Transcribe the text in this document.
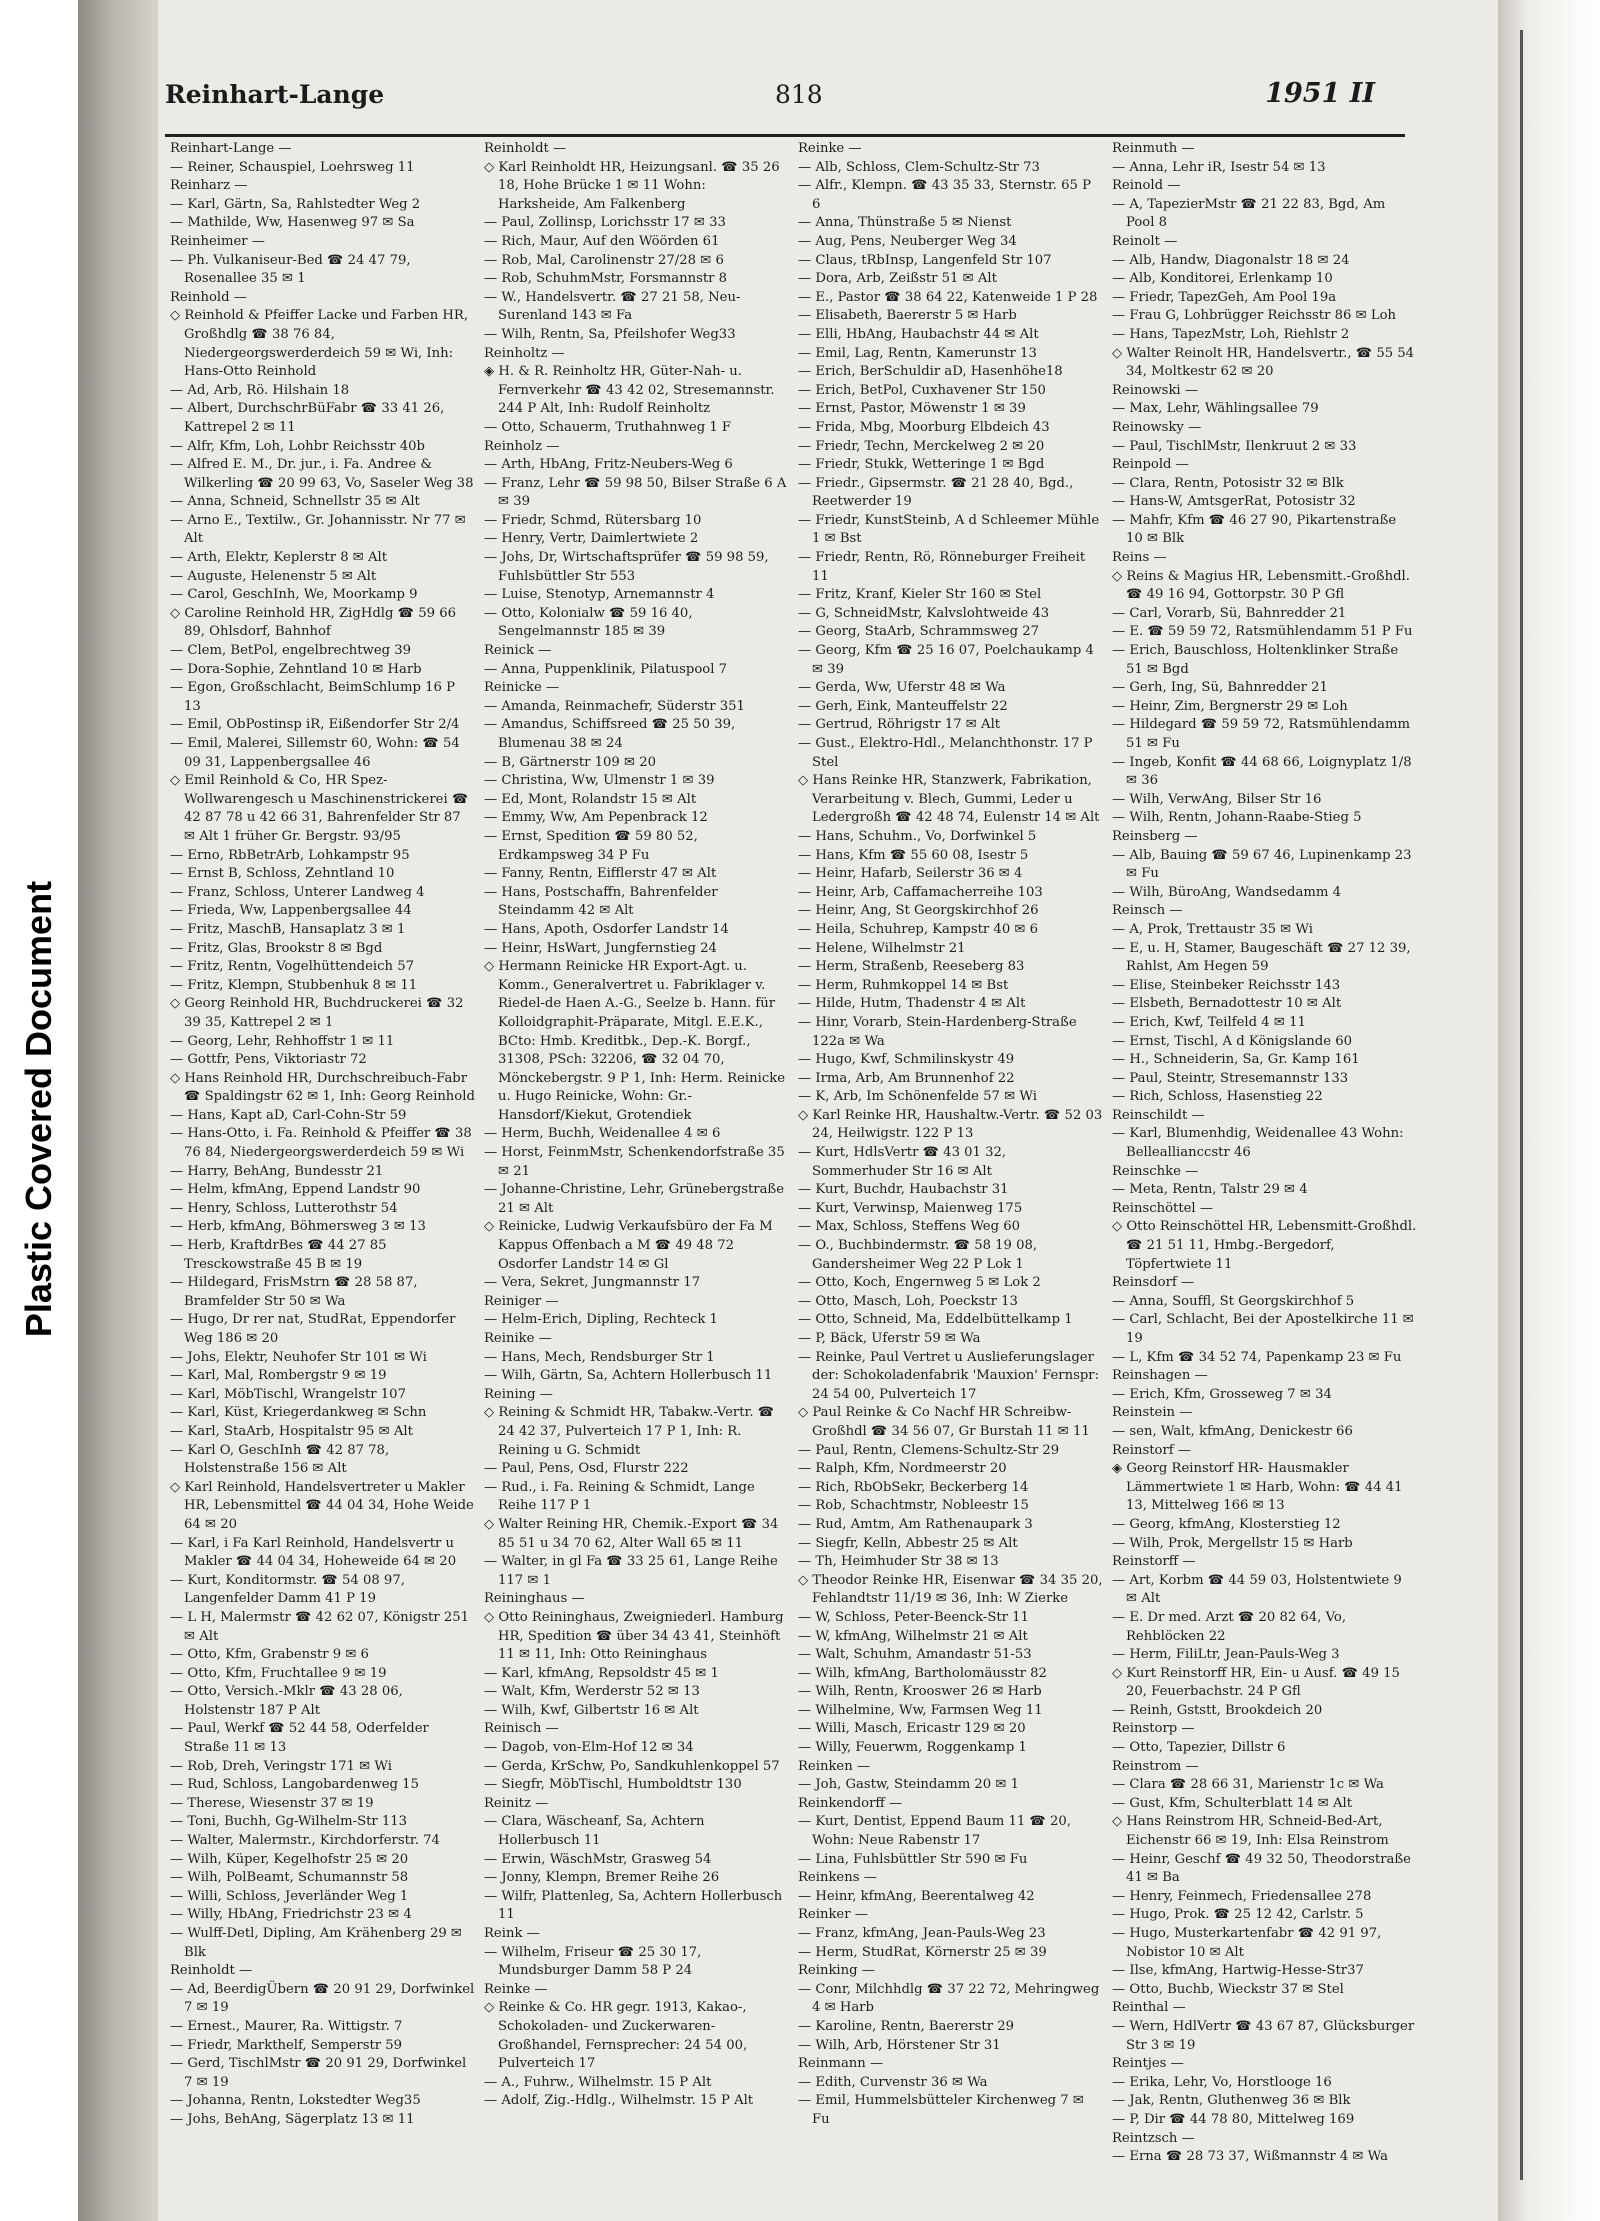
Plastic Covered Document
Reinhart-Lange	818	1951 II

Reinhart-Lange —

— Reiner, Schauspiel, Loehrsweg 11

Reinharz —

— Karl, Gärtn, Sa, Rahlstedter Weg 2

— Mathilde, Ww, Hasenweg 97 ✉ Sa

Reinheimer —

— Ph. Vulkaniseur-Bed ☎ 24 47 79, Rosenallee 35 ✉ 1

Reinhold —

◇ Reinhold & Pfeiffer Lacke und Farben HR, Großhdlg ☎ 38 76 84, Niedergeorgswerderdeich 59 ✉ Wi, Inh: Hans-Otto Reinhold

— Ad, Arb, Rö. Hilshain 18

— Albert, DurchschrBüFabr ☎ 33 41 26, Kattrepel 2 ✉ 11

— Alfr, Kfm, Loh, Lohbr Reichsstr 40b

— Alfred E. M., Dr. jur., i. Fa. Andree & Wilkerling ☎ 20 99 63, Vo, Saseler Weg 38

— Anna, Schneid, Schnellstr 35 ✉ Alt

— Arno E., Textilw., Gr. Johannisstr. Nr 77 ✉ Alt

— Arth, Elektr, Keplerstr 8 ✉ Alt

— Auguste, Helenenstr 5 ✉ Alt

— Carol, GeschInh, We, Moorkamp 9

◇ Caroline Reinhold HR, ZigHdlg ☎ 59 66 89, Ohlsdorf, Bahnhof

— Clem, BetPol, engelbrechtweg 39

— Dora-Sophie, Zehntland 10 ✉ Harb

— Egon, Großschlacht, BeimSchlump 16 P 13

— Emil, ObPostinsp iR, Eißendorfer Str 2/4

— Emil, Malerei, Sillemstr 60, Wohn: ☎ 54 09 31, Lappenbergsallee 46

◇ Emil Reinhold & Co, HR Spez-Wollwarengesch u Maschinenstrickerei ☎ 42 87 78 u 42 66 31, Bahrenfelder Str 87 ✉ Alt 1 früher Gr. Bergstr. 93/95

— Erno, RbBetrArb, Lohkampstr 95

— Ernst B, Schloss, Zehntland 10

— Franz, Schloss, Unterer Landweg 4

— Frieda, Ww, Lappenbergsallee 44

— Fritz, MaschB, Hansaplatz 3 ✉ 1

— Fritz, Glas, Brookstr 8 ✉ Bgd

— Fritz, Rentn, Vogelhüttendeich 57

— Fritz, Klempn, Stubbenhuk 8 ✉ 11

◇ Georg Reinhold HR, Buchdruckerei ☎ 32 39 35, Kattrepel 2 ✉ 1

— Georg, Lehr, Rehhoffstr 1 ✉ 11

— Gottfr, Pens, Viktoriastr 72

◇ Hans Reinhold HR, Durchschreibuch-Fabr ☎ Spaldingstr 62 ✉ 1, Inh: Georg Reinhold

— Hans, Kapt aD, Carl-Cohn-Str 59

— Hans-Otto, i. Fa. Reinhold & Pfeiffer ☎ 38 76 84, Niedergeorgswerderdeich 59 ✉ Wi

— Harry, BehAng, Bundesstr 21

— Helm, kfmAng, Eppend Landstr 90

— Henry, Schloss, Lutterothstr 54

— Herb, kfmAng, Böhmersweg 3 ✉ 13

— Herb, KraftdrBes ☎ 44 27 85 Tresckowstraße 45 B ✉ 19

— Hildegard, FrisMstrn ☎ 28 58 87, Bramfelder Str 50 ✉ Wa

— Hugo, Dr rer nat, StudRat, Eppendorfer Weg 186 ✉ 20

— Johs, Elektr, Neuhofer Str 101 ✉ Wi

— Karl, Mal, Rombergstr 9 ✉ 19

— Karl, MöbTischl, Wrangelstr 107

— Karl, Küst, Kriegerdankweg ✉ Schn

— Karl, StaArb, Hospitalstr 95 ✉ Alt

— Karl O, GeschInh ☎ 42 87 78, Holstenstraße 156 ✉ Alt

◇ Karl Reinhold, Handelsvertreter u Makler HR, Lebensmittel ☎ 44 04 34, Hohe Weide 64 ✉ 20

— Karl, i Fa Karl Reinhold, Handelsvertr u Makler ☎ 44 04 34, Hoheweide 64 ✉ 20

— Kurt, Konditormstr. ☎ 54 08 97, Langenfelder Damm 41 P 19

— L H, Malermstr ☎ 42 62 07, Königstr 251 ✉ Alt

— Otto, Kfm, Grabenstr 9 ✉ 6

— Otto, Kfm, Fruchtallee 9 ✉ 19

— Otto, Versich.-Mklr ☎ 43 28 06, Holstenstr 187 P Alt

— Paul, Werkf ☎ 52 44 58, Oderfelder Straße 11 ✉ 13

— Rob, Dreh, Veringstr 171 ✉ Wi

— Rud, Schloss, Langobardenweg 15

— Therese, Wiesenstr 37 ✉ 19

— Toni, Buchh, Gg-Wilhelm-Str 113

— Walter, Malermstr., Kirchdorferstr. 74

— Wilh, Küper, Kegelhofstr 25 ✉ 20

— Wilh, PolBeamt, Schumannstr 58

— Willi, Schloss, Jeverländer Weg 1

— Willy, HbAng, Friedrichstr 23 ✉ 4

— Wulff-Detl, Dipling, Am Krähenberg 29 ✉ Blk

Reinholdt —

— Ad, BeerdigÜbern ☎ 20 91 29, Dorfwinkel 7 ✉ 19

— Ernest., Maurer, Ra. Wittigstr. 7

— Friedr, Markthelf, Semperstr 59

— Gerd, TischlMstr ☎ 20 91 29, Dorfwinkel 7 ✉ 19

— Johanna, Rentn, Lokstedter Weg35

— Johs, BehAng, Sägerplatz 13 ✉ 11

Reinholdt —

◇ Karl Reinholdt HR, Heizungsanl. ☎ 35 26 18, Hohe Brücke 1 ✉ 11 Wohn: Harksheide, Am Falkenberg

— Paul, Zollinsp, Lorichsstr 17 ✉ 33

— Rich, Maur, Auf den Wöörden 61

— Rob, Mal, Carolinenstr 27/28 ✉ 6

— Rob, SchuhmMstr, Forsmannstr 8

— W., Handelsvertr. ☎ 27 21 58, Neu-Surenland 143 ✉ Fa

— Wilh, Rentn, Sa, Pfeilshofer Weg33

Reinholtz —

◈ H. & R. Reinholtz HR, Güter-Nah- u. Fernverkehr ☎ 43 42 02, Stresemannstr. 244 P Alt, Inh: Rudolf Reinholtz

— Otto, Schauerm, Truthahnweg 1 F

Reinholz —

— Arth, HbAng, Fritz-Neubers-Weg 6

— Franz, Lehr ☎ 59 98 50, Bilser Straße 6 A ✉ 39

— Friedr, Schmd, Rütersbarg 10

— Henry, Vertr, Daimlertwiete 2

— Johs, Dr, Wirtschaftsprüfer ☎ 59 98 59, Fuhlsbüttler Str 553

— Luise, Stenotyp, Arnemannstr 4

— Otto, Kolonialw ☎ 59 16 40, Sengelmannstr 185 ✉ 39

Reinick —

— Anna, Puppenklinik, Pilatuspool 7

Reinicke —

— Amanda, Reinmachefr, Süderstr 351

— Amandus, Schiffsreed ☎ 25 50 39, Blumenau 38 ✉ 24

— B, Gärtnerstr 109 ✉ 20

— Christina, Ww, Ulmenstr 1 ✉ 39

— Ed, Mont, Rolandstr 15 ✉ Alt

— Emmy, Ww, Am Pepenbrack 12

— Ernst, Spedition ☎ 59 80 52, Erdkampsweg 34 P Fu

— Fanny, Rentn, Eifflerstr 47 ✉ Alt

— Hans, Postschaffn, Bahrenfelder Steindamm 42 ✉ Alt

— Hans, Apoth, Osdorfer Landstr 14

— Heinr, HsWart, Jungfernstieg 24

◇ Hermann Reinicke HR Export-Agt. u. Komm., Generalvertret u. Fabriklager v. Riedel-de Haen A.-G., Seelze b. Hann. für Kolloidgraphit-Präparate, Mitgl. E.E.K., BCto: Hmb. Kreditbk., Dep.-K. Borgf., 31308, PSch: 32206, ☎ 32 04 70, Mönckebergstr. 9 P 1, Inh: Herm. Reinicke u. Hugo Reinicke, Wohn: Gr.-Hansdorf/Kiekut, Grotendiek

— Herm, Buchh, Weidenallee 4 ✉ 6

— Horst, FeinmMstr, Schenkendorfstraße 35 ✉ 21

— Johanne-Christine, Lehr, Grünebergstraße 21 ✉ Alt

◇ Reinicke, Ludwig Verkaufsbüro der Fa M Kappus Offenbach a M ☎ 49 48 72 Osdorfer Landstr 14 ✉ Gl

— Vera, Sekret, Jungmannstr 17

Reiniger —

— Helm-Erich, Dipling, Rechteck 1

Reinike —

— Hans, Mech, Rendsburger Str 1

— Wilh, Gärtn, Sa, Achtern Hollerbusch 11

Reining —

◇ Reining & Schmidt HR, Tabakw.-Vertr. ☎ 24 42 37, Pulverteich 17 P 1, Inh: R. Reining u G. Schmidt

— Paul, Pens, Osd, Flurstr 222

— Rud., i. Fa. Reining & Schmidt, Lange Reihe 117 P 1

◇ Walter Reining HR, Chemik.-Export ☎ 34 85 51 u 34 70 62, Alter Wall 65 ✉ 11

— Walter, in gl Fa ☎ 33 25 61, Lange Reihe 117 ✉ 1

Reininghaus —

◇ Otto Reininghaus, Zweigniederl. Hamburg HR, Spedition ☎ über 34 43 41, Steinhöft 11 ✉ 11, Inh: Otto Reininghaus

— Karl, kfmAng, Repsoldstr 45 ✉ 1

— Walt, Kfm, Werderstr 52 ✉ 13

— Wilh, Kwf, Gilbertstr 16 ✉ Alt

Reinisch —

— Dagob, von-Elm-Hof 12 ✉ 34

— Gerda, KrSchw, Po, Sandkuhlenkoppel 57

— Siegfr, MöbTischl, Humboldtstr 130

Reinitz —

— Clara, Wäscheanf, Sa, Achtern Hollerbusch 11

— Erwin, WäschMstr, Grasweg 54

— Jonny, Klempn, Bremer Reihe 26

— Wilfr, Plattenleg, Sa, Achtern Hollerbusch 11

Reink —

— Wilhelm, Friseur ☎ 25 30 17, Mundsburger Damm 58 P 24

Reinke —

◇ Reinke & Co. HR gegr. 1913, Kakao-, Schokoladen- und Zuckerwaren-Großhandel, Fernsprecher: 24 54 00, Pulverteich 17

— A., Fuhrw., Wilhelmstr. 15 P Alt

— Adolf, Zig.-Hdlg., Wilhelmstr. 15 P Alt

Reinke —

— Alb, Schloss, Clem-Schultz-Str 73

— Alfr., Klempn. ☎ 43 35 33, Sternstr. 65 P 6

— Anna, Thünstraße 5 ✉ Nienst

— Aug, Pens, Neuberger Weg 34

— Claus, tRbInsp, Langenfeld Str 107

— Dora, Arb, Zeißstr 51 ✉ Alt

— E., Pastor ☎ 38 64 22, Katenweide 1 P 28

— Elisabeth, Baererstr 5 ✉ Harb

— Elli, HbAng, Haubachstr 44 ✉ Alt

— Emil, Lag, Rentn, Kamerunstr 13

— Erich, BerSchuldir aD, Hasenhöhe18

— Erich, BetPol, Cuxhavener Str 150

— Ernst, Pastor, Möwenstr 1 ✉ 39

— Frida, Mbg, Moorburg Elbdeich 43

— Friedr, Techn, Merckelweg 2 ✉ 20

— Friedr, Stukk, Wetteringe 1 ✉ Bgd

— Friedr., Gipsermstr. ☎ 21 28 40, Bgd., Reetwerder 19

— Friedr, KunstSteinb, A d Schleemer Mühle 1 ✉ Bst

— Friedr, Rentn, Rö, Rönneburger Freiheit 11

— Fritz, Kranf, Kieler Str 160 ✉ Stel

— G, SchneidMstr, Kalvslohtweide 43

— Georg, StaArb, Schrammsweg 27

— Georg, Kfm ☎ 25 16 07, Poelchaukamp 4 ✉ 39

— Gerda, Ww, Uferstr 48 ✉ Wa

— Gerh, Eink, Manteuffelstr 22

— Gertrud, Röhrigstr 17 ✉ Alt

— Gust., Elektro-Hdl., Melanchthonstr. 17 P Stel

◇ Hans Reinke HR, Stanzwerk, Fabrikation, Verarbeitung v. Blech, Gummi, Leder u Ledergroßh ☎ 42 48 74, Eulenstr 14 ✉ Alt

— Hans, Schuhm., Vo, Dorfwinkel 5

— Hans, Kfm ☎ 55 60 08, Isestr 5

— Heinr, Hafarb, Seilerstr 36 ✉ 4

— Heinr, Arb, Caffamacherreihe 103

— Heinr, Ang, St Georgskirchhof 26

— Heila, Schuhrep, Kampstr 40 ✉ 6

— Helene, Wilhelmstr 21

— Herm, Straßenb, Reeseberg 83

— Herm, Ruhmkoppel 14 ✉ Bst

— Hilde, Hutm, Thadenstr 4 ✉ Alt

— Hinr, Vorarb, Stein-Hardenberg-Straße 122a ✉ Wa

— Hugo, Kwf, Schmilinskystr 49

— Irma, Arb, Am Brunnenhof 22

— K, Arb, Im Schönenfelde 57 ✉ Wi

◇ Karl Reinke HR, Haushaltw.-Vertr. ☎ 52 03 24, Heilwigstr. 122 P 13

— Kurt, HdlsVertr ☎ 43 01 32, Sommerhuder Str 16 ✉ Alt

— Kurt, Buchdr, Haubachstr 31

— Kurt, Verwinsp, Maienweg 175

— Max, Schloss, Steffens Weg 60

— O., Buchbindermstr. ☎ 58 19 08, Gandersheimer Weg 22 P Lok 1

— Otto, Koch, Engernweg 5 ✉ Lok 2

— Otto, Masch, Loh, Poeckstr 13

— Otto, Schneid, Ma, Eddelbüttelkamp 1

— P, Bäck, Uferstr 59 ✉ Wa

— Reinke, Paul Vertret u Auslieferungslager der: Schokoladenfabrik 'Mauxion' Fernspr: 24 54 00, Pulverteich 17

◇ Paul Reinke & Co Nachf HR Schreibw-Großhdl ☎ 34 56 07, Gr Burstah 11 ✉ 11

— Paul, Rentn, Clemens-Schultz-Str 29

— Ralph, Kfm, Nordmeerstr 20

— Rich, RbObSekr, Beckerberg 14

— Rob, Schachtmstr, Nobleestr 15

— Rud, Amtm, Am Rathenaupark 3

— Siegfr, Kelln, Abbestr 25 ✉ Alt

— Th, Heimhuder Str 38 ✉ 13

◇ Theodor Reinke HR, Eisenwar ☎ 34 35 20, Fehlandtstr 11/19 ✉ 36, Inh: W Zierke

— W, Schloss, Peter-Beenck-Str 11

— W, kfmAng, Wilhelmstr 21 ✉ Alt

— Walt, Schuhm, Amandastr 51-53

— Wilh, kfmAng, Bartholomäusstr 82

— Wilh, Rentn, Krooswег 26 ✉ Harb

— Wilhelmine, Ww, Farmsen Weg 11

— Willi, Masch, Ericastr 129 ✉ 20

— Willy, Feuerwm, Roggenkamp 1

Reinken —

— Joh, Gastw, Steindamm 20 ✉ 1

Reinkendorff —

— Kurt, Dentist, Eppend Baum 11 ☎ 20, Wohn: Neue Rabenstr 17

— Lina, Fuhlsbüttler Str 590 ✉ Fu

Reinkens —

— Heinr, kfmAng, Beerentalweg 42

Reinker —

— Franz, kfmAng, Jean-Pauls-Weg 23

— Herm, StudRat, Körnerstr 25 ✉ 39

Reinking —

— Conr, Milchhdlg ☎ 37 22 72, Mehringweg 4 ✉ Harb

— Karoline, Rentn, Baererstr 29

— Wilh, Arb, Hörstener Str 31

Reinmann —

— Edith, Curvenstr 36 ✉ Wa

— Emil, Hummelsbütteler Kirchenweg 7 ✉ Fu

Reinmuth —

— Anna, Lehr iR, Isestr 54 ✉ 13

Reinold —

— A, TapezierMstr ☎ 21 22 83, Bgd, Am Pool 8

Reinolt —

— Alb, Handw, Diagonalstr 18 ✉ 24

— Alb, Konditorei, Erlenkamp 10

— Friedr, TapezGeh, Am Pool 19a

— Frau G, Lohbrügger Reichsstr 86 ✉ Loh

— Hans, TapezMstr, Loh, Riehlstr 2

◇ Walter Reinolt HR, Handelsvertr., ☎ 55 54 34, Moltkestr 62 ✉ 20

Reinowski —

— Max, Lehr, Wählingsallee 79

Reinowsky —

— Paul, TischlMstr, Ilenkruut 2 ✉ 33

Reinpold —

— Clara, Rentn, Potosistr 32 ✉ Blk

— Hans-W, AmtsgerRat, Potosistr 32

— Mahfr, Kfm ☎ 46 27 90, Pikartenstraße 10 ✉ Blk

Reins —

◇ Reins & Magius HR, Lebensmitt.-Großhdl. ☎ 49 16 94, Gottorpstr. 30 P Gfl

— Carl, Vorarb, Sü, Bahnredder 21

— E. ☎ 59 59 72, Ratsmühlendamm 51 P Fu

— Erich, Bauschloss, Holtenklinker Straße 51 ✉ Bgd

— Gerh, Ing, Sü, Bahnredder 21

— Heinr, Zim, Bergnerstr 29 ✉ Loh

— Hildegard ☎ 59 59 72, Ratsmühlendamm 51 ✉ Fu

— Ingeb, Konfit ☎ 44 68 66, Loignyplatz 1/8 ✉ 36

— Wilh, VerwAng, Bilser Str 16

— Wilh, Rentn, Johann-Raabe-Stieg 5

Reinsberg —

— Alb, Bauing ☎ 59 67 46, Lupinenkamp 23 ✉ Fu

— Wilh, BüroAng, Wandsedamm 4

Reinsch —

— A, Prok, Trettaustr 35 ✉ Wi

— E, u. H, Stamer, Baugeschäft ☎ 27 12 39, Rahlst, Am Hegen 59

— Elise, Steinbeker Reichsstr 143

— Elsbeth, Bernadottestr 10 ✉ Alt

— Erich, Kwf, Teilfeld 4 ✉ 11

— Ernst, Tischl, A d Königslande 60

— H., Schneiderin, Sa, Gr. Kamp 161

— Paul, Steintr, Stresemannstr 133

— Rich, Schloss, Hasenstieg 22

Reinschildt —

— Karl, Blumenhdig, Weidenallee 43 Wohn: Belleallianccstr 46

Reinschke —

— Meta, Rentn, Talstr 29 ✉ 4

Reinschöttel —

◇ Otto Reinschöttel HR, Lebensmitt-Großhdl. ☎ 21 51 11, Hmbg.-Bergedorf, Töpfertwiete 11

Reinsdorf —

— Anna, Souffl, St Georgskirchhof 5

— Carl, Schlacht, Bei der Apostelkirche 11 ✉ 19

— L, Kfm ☎ 34 52 74, Papenkamp 23 ✉ Fu

Reinshagen —

— Erich, Kfm, Grosseweg 7 ✉ 34

Reinstein —

— sen, Walt, kfmAng, Denickestr 66

Reinstorf —

◈ Georg Reinstorf HR- Hausmakler Lämmertwiete 1 ✉ Harb, Wohn: ☎ 44 41 13, Mittelweg 166 ✉ 13

— Georg, kfmAng, Klosterstieg 12

— Wilh, Prok, Mergellstr 15 ✉ Harb

Reinstorff —

— Art, Korbm ☎ 44 59 03, Holstentwiete 9 ✉ Alt

— E. Dr med. Arzt ☎ 20 82 64, Vo, Rehblöcken 22

— Herm, FiliLtr, Jean-Pauls-Weg 3

◇ Kurt Reinstorff HR, Ein- u Ausf. ☎ 49 15 20, Feuerbachstr. 24 P Gfl

— Reinh, Gststt, Brookdeich 20

Reinstorp —

— Otto, Tapezier, Dillstr 6

Reinstrom —

— Clara ☎ 28 66 31, Marienstr 1c ✉ Wa

— Gust, Kfm, Schulterblatt 14 ✉ Alt

◇ Hans Reinstrom HR, Schneid-Bed-Art, Eichenstr 66 ✉ 19, Inh: Elsa Reinstrom

— Heinr, Geschf ☎ 49 32 50, Theodorstraße 41 ✉ Ba

— Henry, Feinmech, Friedensallee 278

— Hugo, Prok. ☎ 25 12 42, Carlstr. 5

— Hugo, Musterkartenfabr ☎ 42 91 97, Nobistor 10 ✉ Alt

— Ilse, kfmAng, Hartwig-Hesse-Str37

— Otto, Buchb, Wieckstr 37 ✉ Stel

Reinthal —

— Wern, HdlVertr ☎ 43 67 87, Glücksburger Str 3 ✉ 19

Reintjes —

— Erika, Lehr, Vo, Horstlooge 16

— Jak, Rentn, Gluthenweg 36 ✉ Blk

— P, Dir ☎ 44 78 80, Mittelweg 169

Reintzsch —

— Erna ☎ 28 73 37, Wißmannstr 4 ✉ Wa
